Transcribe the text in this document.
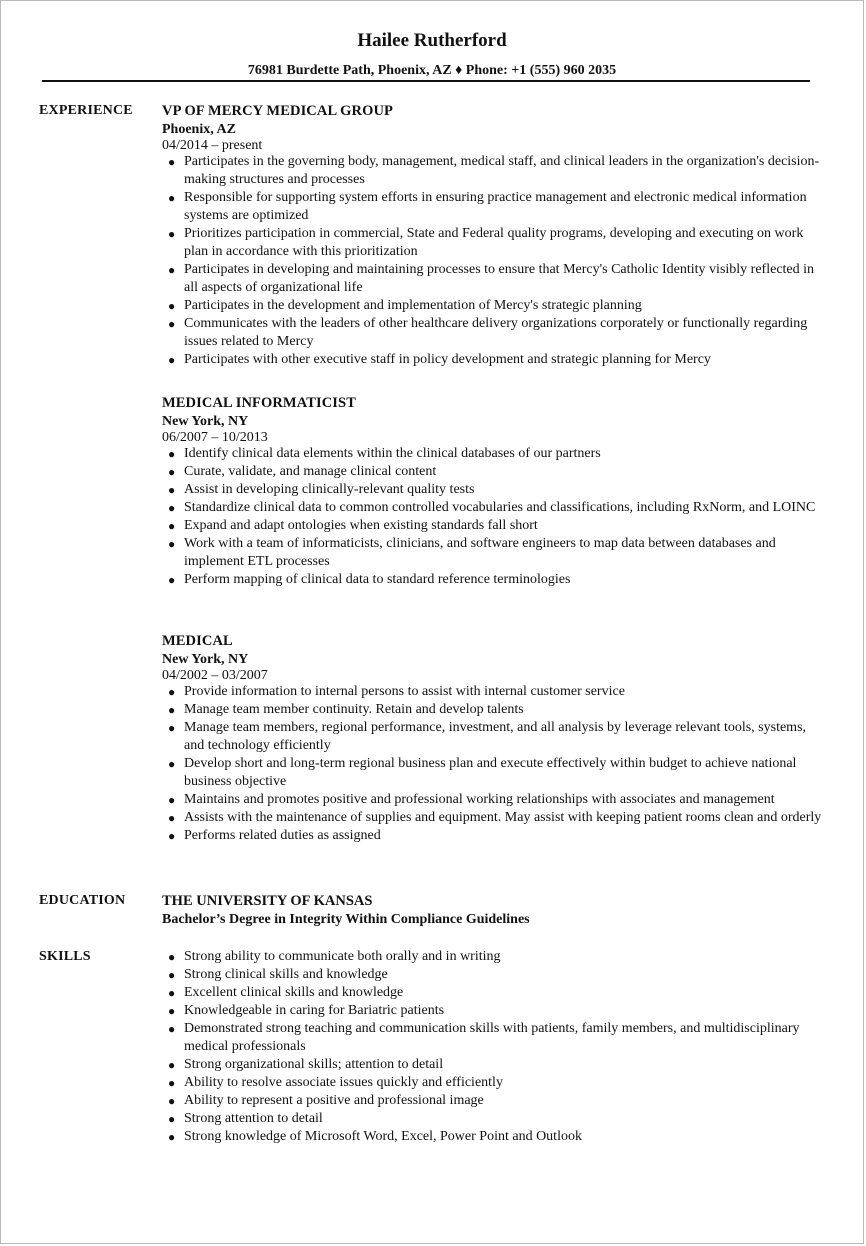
Hailee Rutherford
76981 Burdette Path, Phoenix, AZ ♦ Phone: +1 (555) 960 2035
EXPERIENCE VP OF MERCY MEDICAL GROUP
Phoenix, AZ
04/2014 – present
● Participates in the governing body, management, medical staff, and clinical leaders in the organization's decision-making structures and processes
● Responsible for supporting system efforts in ensuring practice management and electronic medical information systems are optimized
● Prioritizes participation in commercial, State and Federal quality programs, developing and executing on work plan in accordance with this prioritization
● Participates in developing and maintaining processes to ensure that Mercy's Catholic Identity visibly reflected in all aspects of organizational life
● Participates in the development and implementation of Mercy's strategic planning
● Communicates with the leaders of other healthcare delivery organizations corporately or functionally regarding issues related to Mercy
● Participates with other executive staff in policy development and strategic planning for Mercy
MEDICAL INFORMATICIST
New York, NY
06/2007 – 10/2013
● Identify clinical data elements within the clinical databases of our partners
● Curate, validate, and manage clinical content
● Assist in developing clinically-relevant quality tests
● Standardize clinical data to common controlled vocabularies and classifications, including RxNorm, and LOINC
● Expand and adapt ontologies when existing standards fall short
● Work with a team of informaticists, clinicians, and software engineers to map data between databases and implement ETL processes
● Perform mapping of clinical data to standard reference terminologies
MEDICAL
New York, NY
04/2002 – 03/2007
● Provide information to internal persons to assist with internal customer service
● Manage team member continuity. Retain and develop talents
● Manage team members, regional performance, investment, and all analysis by leverage relevant tools, systems, and technology efficiently
● Develop short and long-term regional business plan and execute effectively within budget to achieve national business objective
● Maintains and promotes positive and professional working relationships with associates and management
● Assists with the maintenance of supplies and equipment. May assist with keeping patient rooms clean and orderly
● Performs related duties as assigned
EDUCATION	THE UNIVERSITY OF KANSAS
Bachelor’s Degree in Integrity Within Compliance Guidelines
SKILLS	● Strong ability to communicate both orally and in writing
● Strong clinical skills and knowledge
● Excellent clinical skills and knowledge
● Knowledgeable in caring for Bariatric patients
● Demonstrated strong teaching and communication skills with patients, family members, and multidisciplinary medical professionals
● Strong organizational skills; attention to detail
● Ability to resolve associate issues quickly and efficiently
● Ability to represent a positive and professional image
● Strong attention to detail
● Strong knowledge of Microsoft Word, Excel, Power Point and Outlook
